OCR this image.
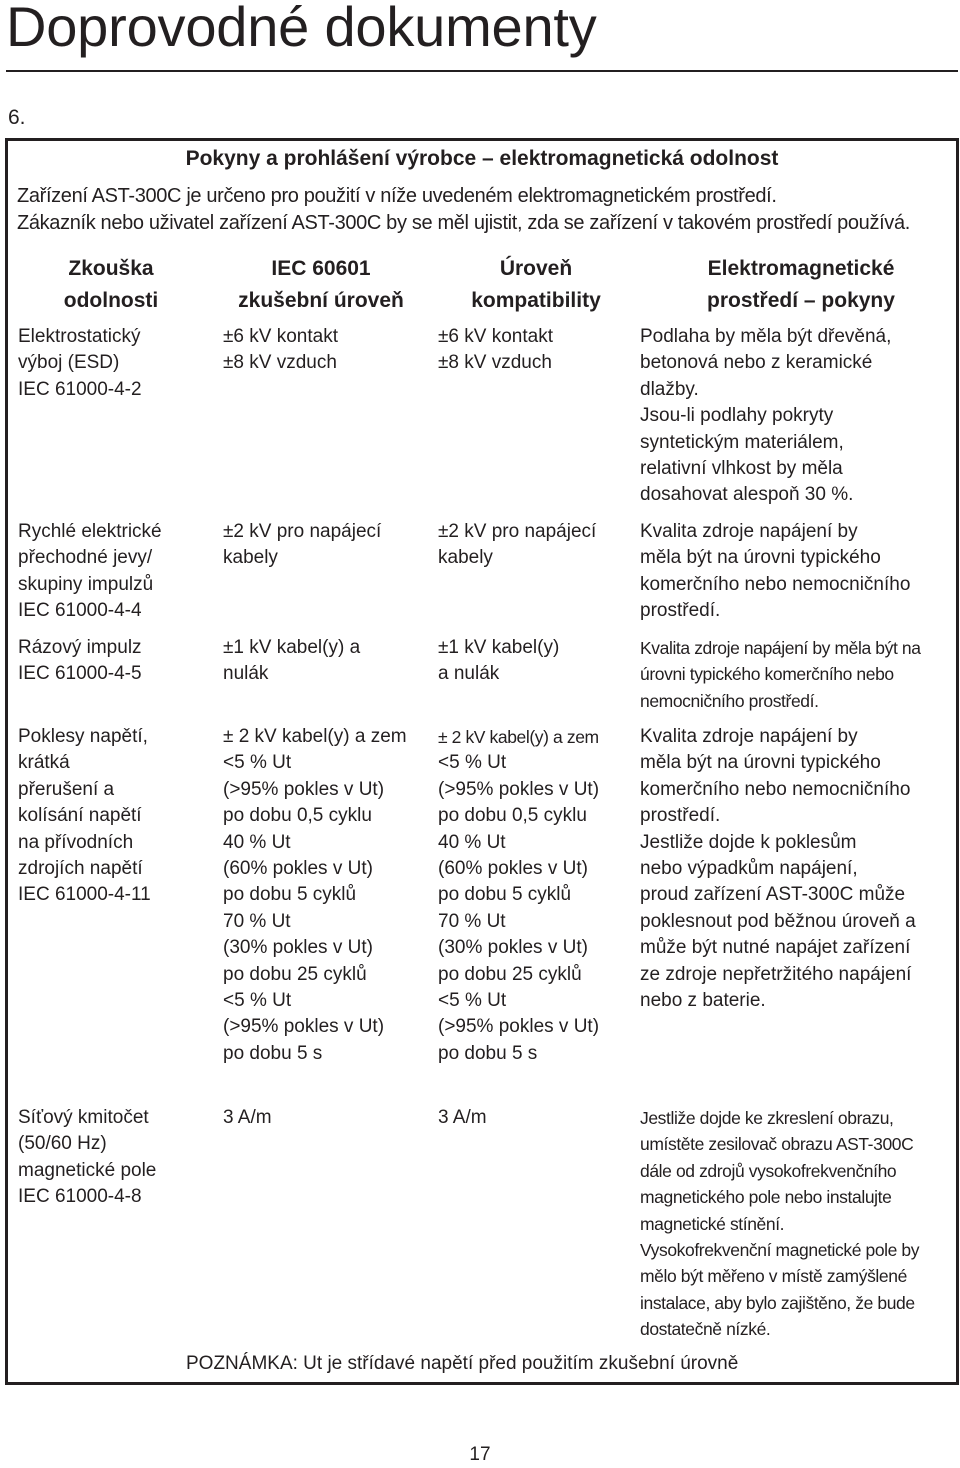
Doprovodné dokumenty
6.
Pokyny a prohlášení výrobce – elektromagnetická odolnost
Zařízení AST-300C je určeno pro použití v níže uvedeném elektromagnetickém prostředí.
Zákazník nebo uživatel zařízení AST-300C by se měl ujistit, zda se zařízení v takovém prostředí používá.
Zkouška
odolnosti
IEC 60601
zkušební úroveň
Úroveň
kompatibility
Elektromagnetické
prostředí – pokyny
Elektrostatický
výboj (ESD)
IEC 61000-4-2
±6 kV kontakt
±8 kV vzduch
±6 kV kontakt
±8 kV vzduch
Podlaha by měla být dřevěná,
betonová nebo z keramické
dlažby.
Jsou-li podlahy pokryty
syntetickým materiálem,
relativní vlhkost by měla
dosahovat alespoň 30 %.
Rychlé elektrické
přechodné jevy/
skupiny impulzů
IEC 61000-4-4
±2 kV pro napájecí
kabely
±2 kV pro napájecí
kabely
Kvalita zdroje napájení by
měla být na úrovni typického
komerčního nebo nemocničního
prostředí.
Rázový impulz
IEC 61000-4-5
±1 kV kabel(y) a
nulák
±1 kV kabel(y)
a nulák
Kvalita zdroje napájení by měla být na
úrovni typického komerčního nebo
nemocničního prostředí.
Poklesy napětí,
krátká
přerušení a
kolísání napětí
na přívodních
zdrojích napětí
IEC 61000-4-11
± 2 kV kabel(y) a zem
<5 % Ut
(>95% pokles v Ut)
po dobu 0,5 cyklu
40 % Ut
(60% pokles v Ut)
po dobu 5 cyklů
70 % Ut
(30% pokles v Ut)
po dobu 25 cyklů
<5 % Ut
(>95% pokles v Ut)
po dobu 5 s
± 2 kV kabel(y) a zem
<5 % Ut
(>95% pokles v Ut)
po dobu 0,5 cyklu
40 % Ut
(60% pokles v Ut)
po dobu 5 cyklů
70 % Ut
(30% pokles v Ut)
po dobu 25 cyklů
<5 % Ut
(>95% pokles v Ut)
po dobu 5 s
Kvalita zdroje napájení by
měla být na úrovni typického
komerčního nebo nemocničního
prostředí.
Jestliže dojde k poklesům
nebo výpadkům napájení,
proud zařízení AST-300C může
poklesnout pod běžnou úroveň a
může být nutné napájet zařízení
ze zdroje nepřetržitého napájení
nebo z baterie.
Síťový kmitočet
(50/60 Hz)
magnetické pole
IEC 61000-4-8
3 A/m	3 A/m	Jestliže dojde ke zkreslení obrazu,
umístěte zesilovač obrazu AST-300C
dále od zdrojů vysokofrekvenčního
magnetického pole nebo instalujte
magnetické stínění.
Vysokofrekvenční magnetické pole by
mělo být měřeno v místě zamýšlené
instalace, aby bylo zajištěno, že bude
dostatečně nízké.
POZNÁMKA: Ut je střídavé napětí před použitím zkušební úrovně
17
